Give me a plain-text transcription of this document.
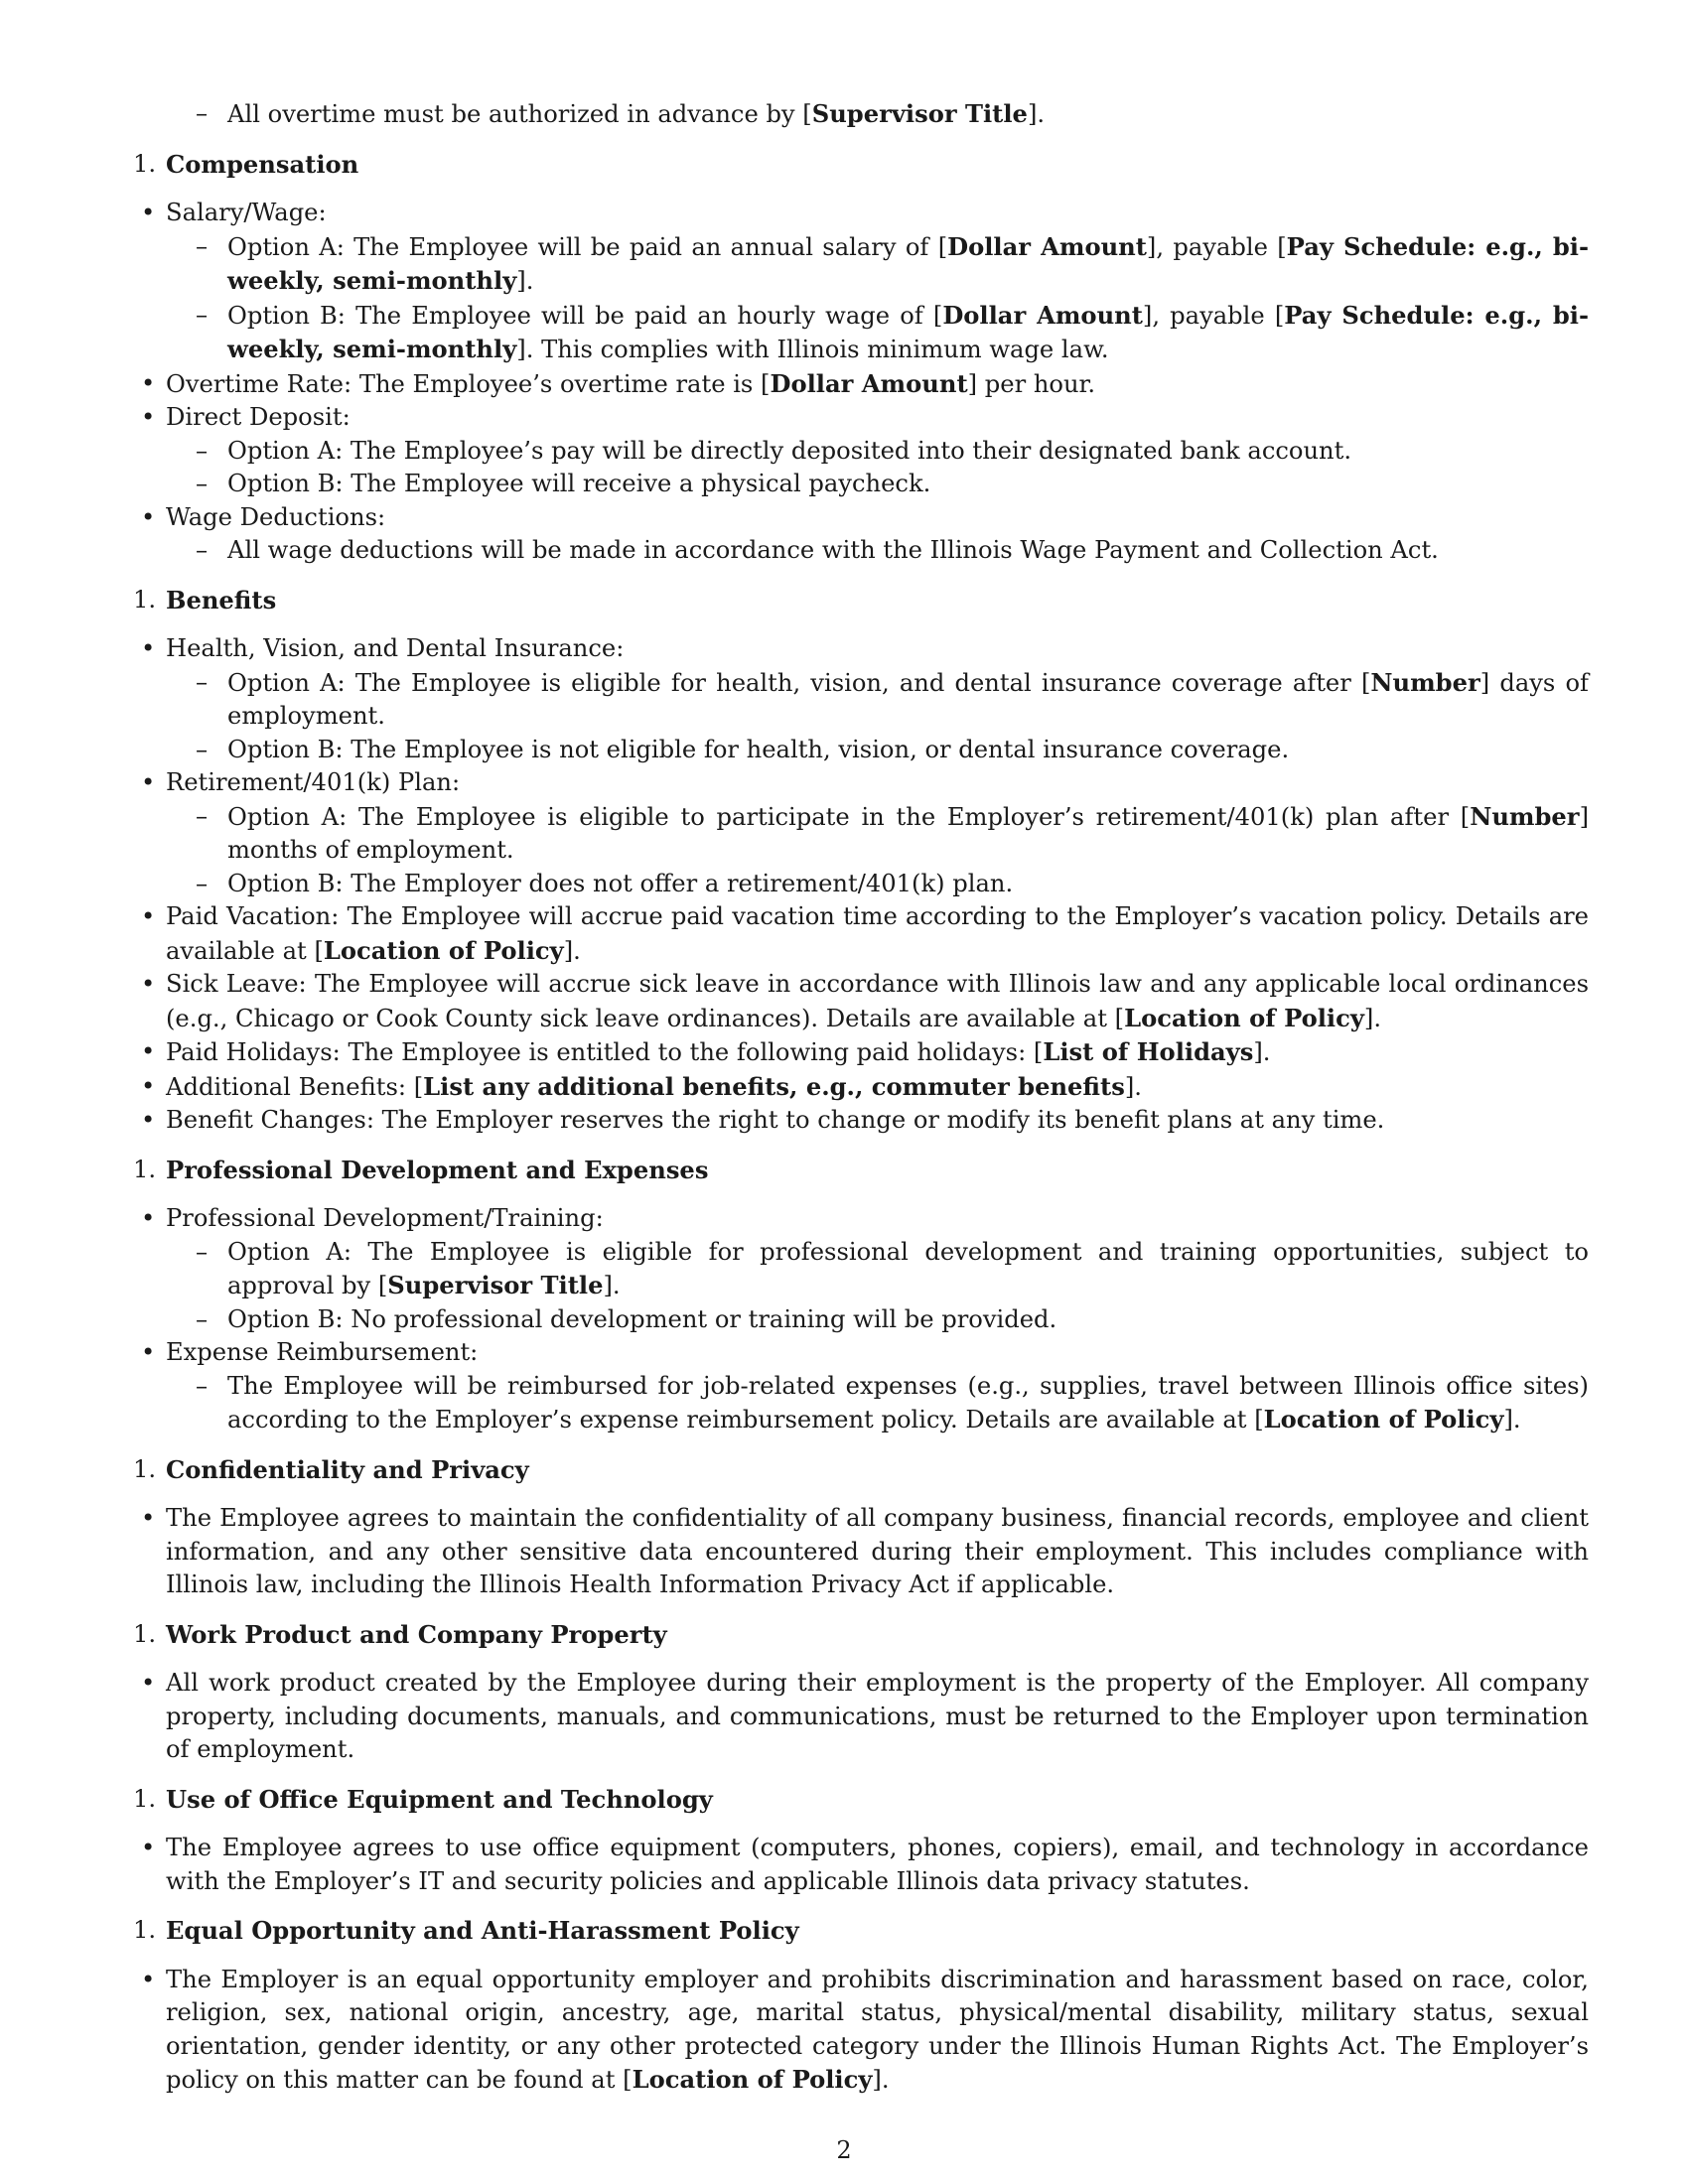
– All overtime must be authorized in advance by [Supervisor Title].
1. Compensation
• Salary/Wage:
– Option A: The Employee will be paid an annual salary of [Dollar Amount], payable [Pay Schedule: e.g., bi-weekly, semi-monthly].
– Option B: The Employee will be paid an hourly wage of [Dollar Amount], payable [Pay Schedule: e.g., bi-weekly, semi-monthly]. This complies with Illinois minimum wage law.
• Overtime Rate: The Employee’s overtime rate is [Dollar Amount] per hour.
• Direct Deposit:
– Option A: The Employee’s pay will be directly deposited into their designated bank account.
– Option B: The Employee will receive a physical paycheck.
• Wage Deductions:
– All wage deductions will be made in accordance with the Illinois Wage Payment and Collection Act.
1. Benefits
• Health, Vision, and Dental Insurance:
– Option A: The Employee is eligible for health, vision, and dental insurance coverage after [Number] days of employment.
– Option B: The Employee is not eligible for health, vision, or dental insurance coverage.
• Retirement/401(k) Plan:
– Option A: The Employee is eligible to participate in the Employer’s retirement/401(k) plan after [Number] months of employment.
– Option B: The Employer does not offer a retirement/401(k) plan.
• Paid Vacation: The Employee will accrue paid vacation time according to the Employer’s vacation policy. Details are available at [Location of Policy].
• Sick Leave: The Employee will accrue sick leave in accordance with Illinois law and any applicable local ordinances (e.g., Chicago or Cook County sick leave ordinances). Details are available at [Location of Policy].
• Paid Holidays: The Employee is entitled to the following paid holidays: [List of Holidays].
• Additional Benefits: [List any additional benefits, e.g., commuter benefits].
• Benefit Changes: The Employer reserves the right to change or modify its benefit plans at any time.
1. Professional Development and Expenses
• Professional Development/Training:
– Option A: The Employee is eligible for professional development and training opportunities, subject to approval by [Supervisor Title].
– Option B: No professional development or training will be provided.
• Expense Reimbursement:
– The Employee will be reimbursed for job-related expenses (e.g., supplies, travel between Illinois office sites) according to the Employer’s expense reimbursement policy. Details are available at [Location of Policy].
1. Confidentiality and Privacy
• The Employee agrees to maintain the confidentiality of all company business, financial records, employee and client information, and any other sensitive data encountered during their employment. This includes compliance with Illinois law, including the Illinois Health Information Privacy Act if applicable.
1. Work Product and Company Property
• All work product created by the Employee during their employment is the property of the Employer. All company property, including documents, manuals, and communications, must be returned to the Employer upon termination of employment.
1. Use of Office Equipment and Technology
• The Employee agrees to use office equipment (computers, phones, copiers), email, and technology in accordance with the Employer’s IT and security policies and applicable Illinois data privacy statutes.
1. Equal Opportunity and Anti-Harassment Policy
• The Employer is an equal opportunity employer and prohibits discrimination and harassment based on race, color, religion, sex, national origin, ancestry, age, marital status, physical/mental disability, military status, sexual orientation, gender identity, or any other protected category under the Illinois Human Rights Act. The Employer’s policy on this matter can be found at [Location of Policy].
2
